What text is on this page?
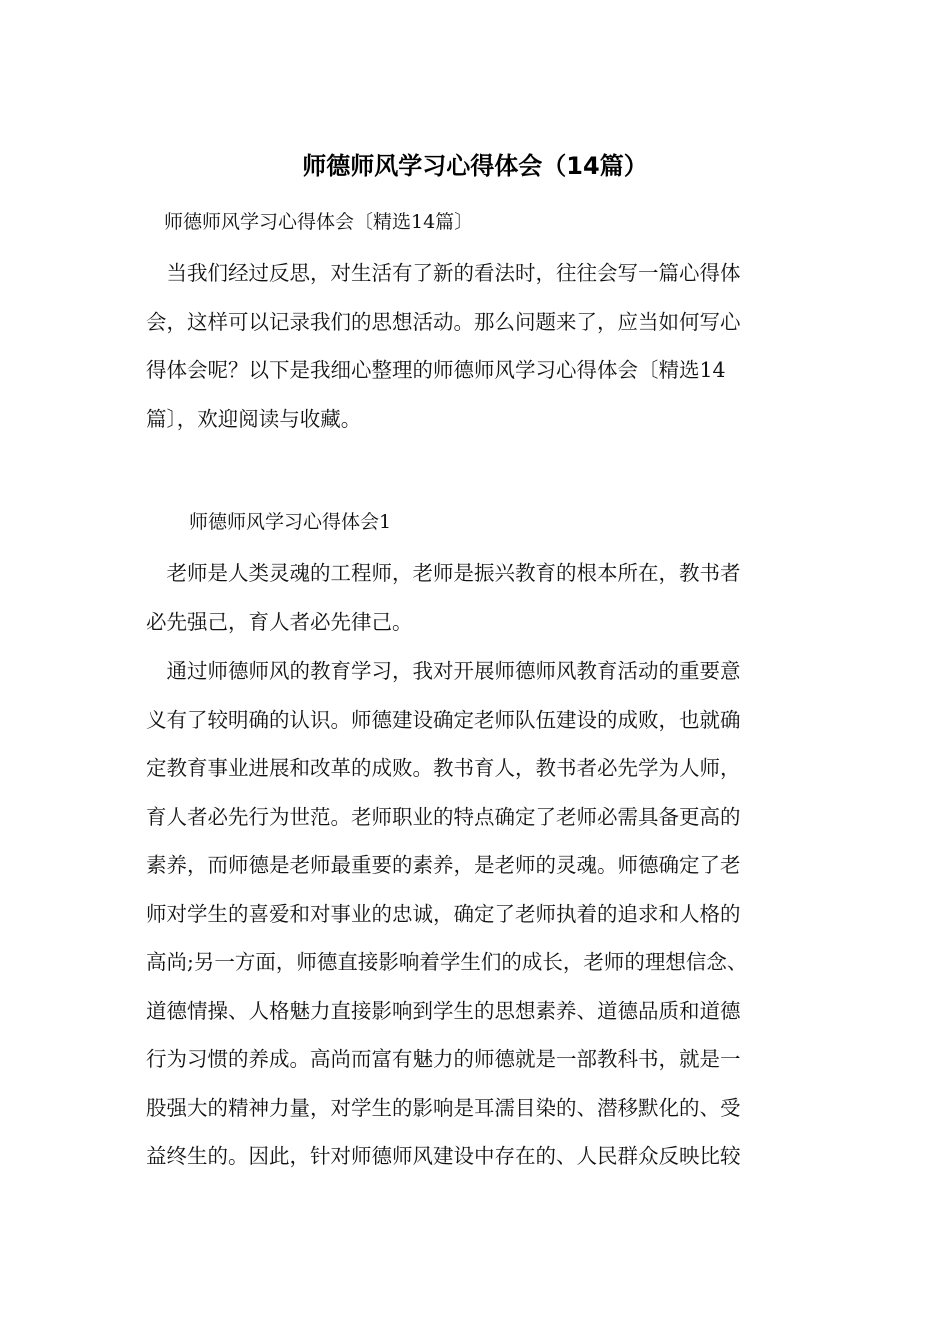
师德师风学习心得体会（14篇）
师德师风学习心得体会〔精选14篇〕
　当我们经过反思，对生活有了新的看法时，往往会写一篇心得体
会，这样可以记录我们的思想活动。那么问题来了，应当如何写心
得体会呢？以下是我细心整理的师德师风学习心得体会〔精选14
篇〕，欢迎阅读与收藏。
师德师风学习心得体会1
　老师是人类灵魂的工程师，老师是振兴教育的根本所在，教书者
必先强己，育人者必先律己。
　通过师德师风的教育学习，我对开展师德师风教育活动的重要意
义有了较明确的认识。师德建设确定老师队伍建设的成败，也就确
定教育事业进展和改革的成败。教书育人，教书者必先学为人师，
育人者必先行为世范。老师职业的特点确定了老师必需具备更高的
素养，而师德是老师最重要的素养，是老师的灵魂。师德确定了老
师对学生的喜爱和对事业的忠诚，确定了老师执着的追求和人格的
高尚;另一方面，师德直接影响着学生们的成长，老师的理想信念、
道德情操、人格魅力直接影响到学生的思想素养、道德品质和道德
行为习惯的养成。高尚而富有魅力的师德就是一部教科书，就是一
股强大的精神力量，对学生的影响是耳濡目染的、潜移默化的、受
益终生的。因此，针对师德师风建设中存在的、人民群众反映比较
